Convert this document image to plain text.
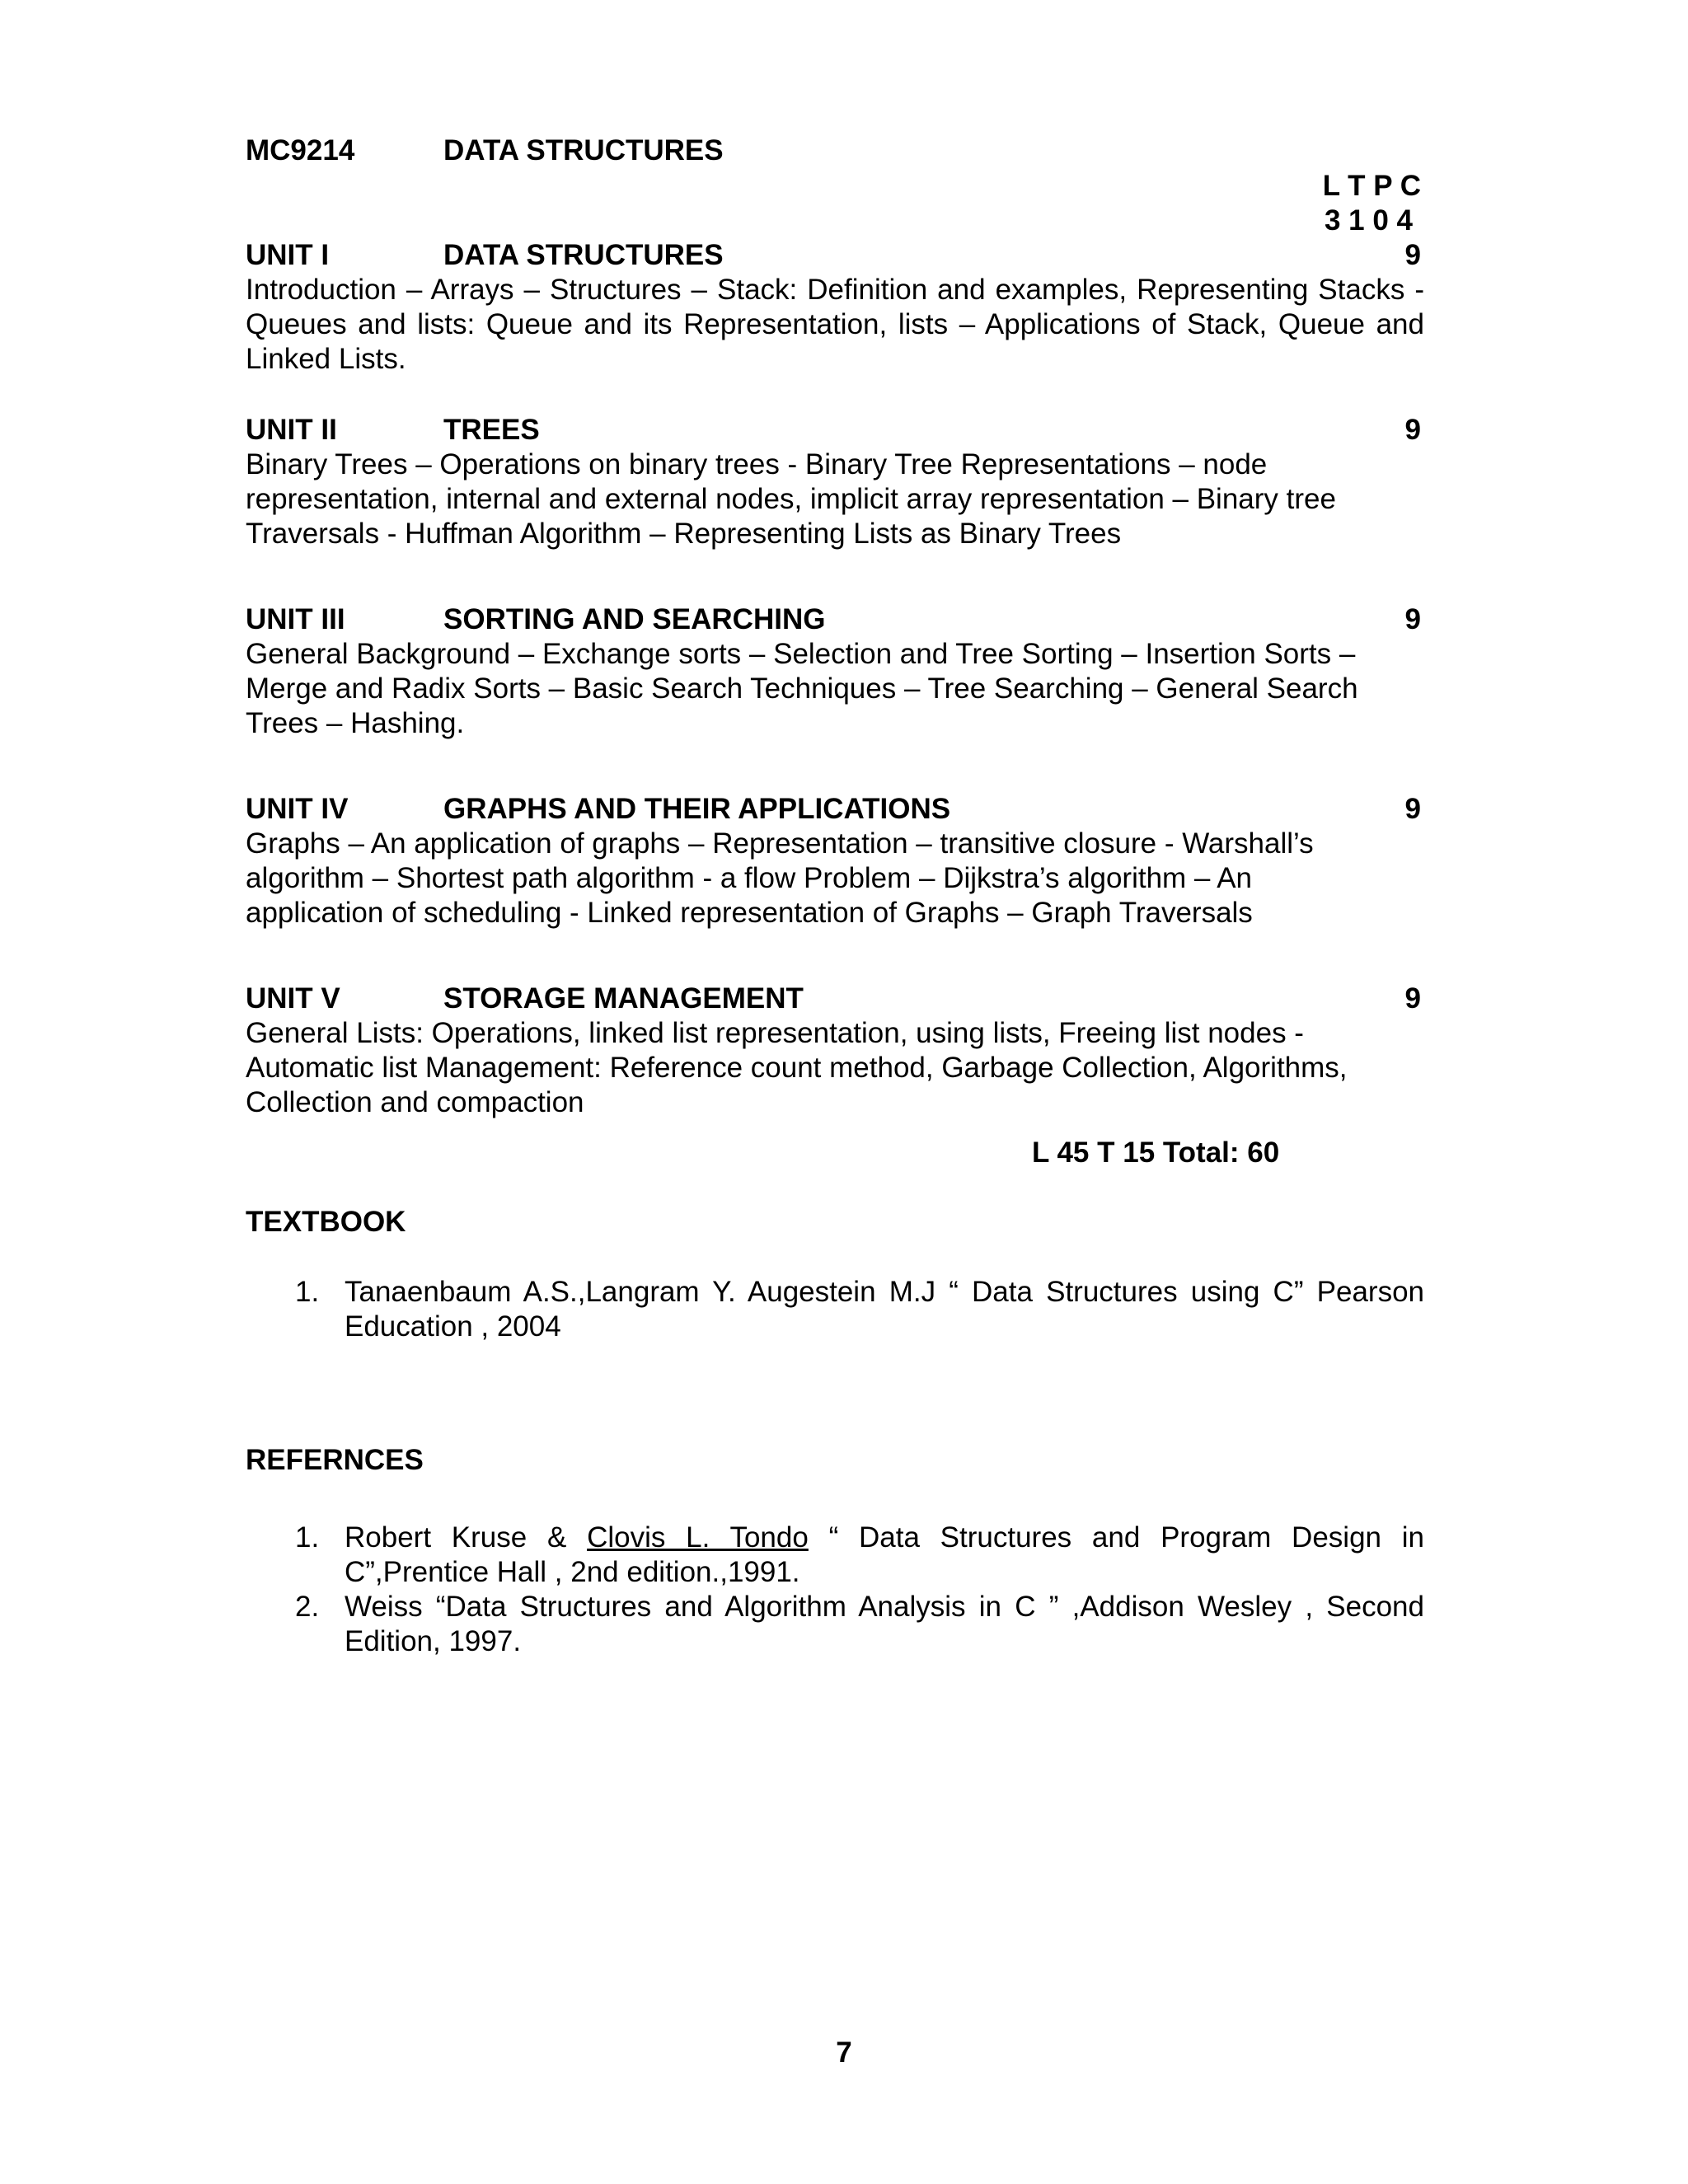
MC9214	DATA STRUCTURES
L T P C
3 1 0 4
UNIT I	DATA STRUCTURES	9

Introduction – Arrays – Structures – Stack: Definition and examples, Representing Stacks - Queues and lists: Queue and its Representation, lists – Applications of Stack, Queue and Linked Lists.

UNIT II	TREES	9
Binary Trees – Operations on binary trees - Binary Tree Representations – node
representation, internal and external nodes, implicit array representation – Binary tree
Traversals - Huffman Algorithm – Representing Lists as Binary Trees
UNIT III	SORTING AND SEARCHING	9
General Background – Exchange sorts – Selection and Tree Sorting – Insertion Sorts –
Merge and Radix Sorts – Basic Search Techniques – Tree Searching – General Search
Trees – Hashing.
UNIT IV	GRAPHS AND THEIR APPLICATIONS	9
Graphs – An application of graphs – Representation – transitive closure - Warshall’s
algorithm – Shortest path algorithm - a flow Problem – Dijkstra’s algorithm – An
application of scheduling - Linked representation of Graphs – Graph Traversals
UNIT V	STORAGE MANAGEMENT	9
General Lists: Operations, linked list representation, using lists, Freeing list nodes -
Automatic list Management: Reference count method, Garbage Collection, Algorithms,
Collection and compaction
L 45 T 15 Total: 60
TEXTBOOK
1. Tanaenbaum A.S.,Langram Y. Augestein M.J “ Data Structures using C” Pearson Education , 2004
REFERNCES
1. Robert Kruse & Clovis L. Tondo “ Data Structures and Program Design in C”,Prentice Hall , 2nd edition.,1991.
2. Weiss “Data Structures and Algorithm Analysis in C ” ,Addison Wesley , Second Edition, 1997.
7
